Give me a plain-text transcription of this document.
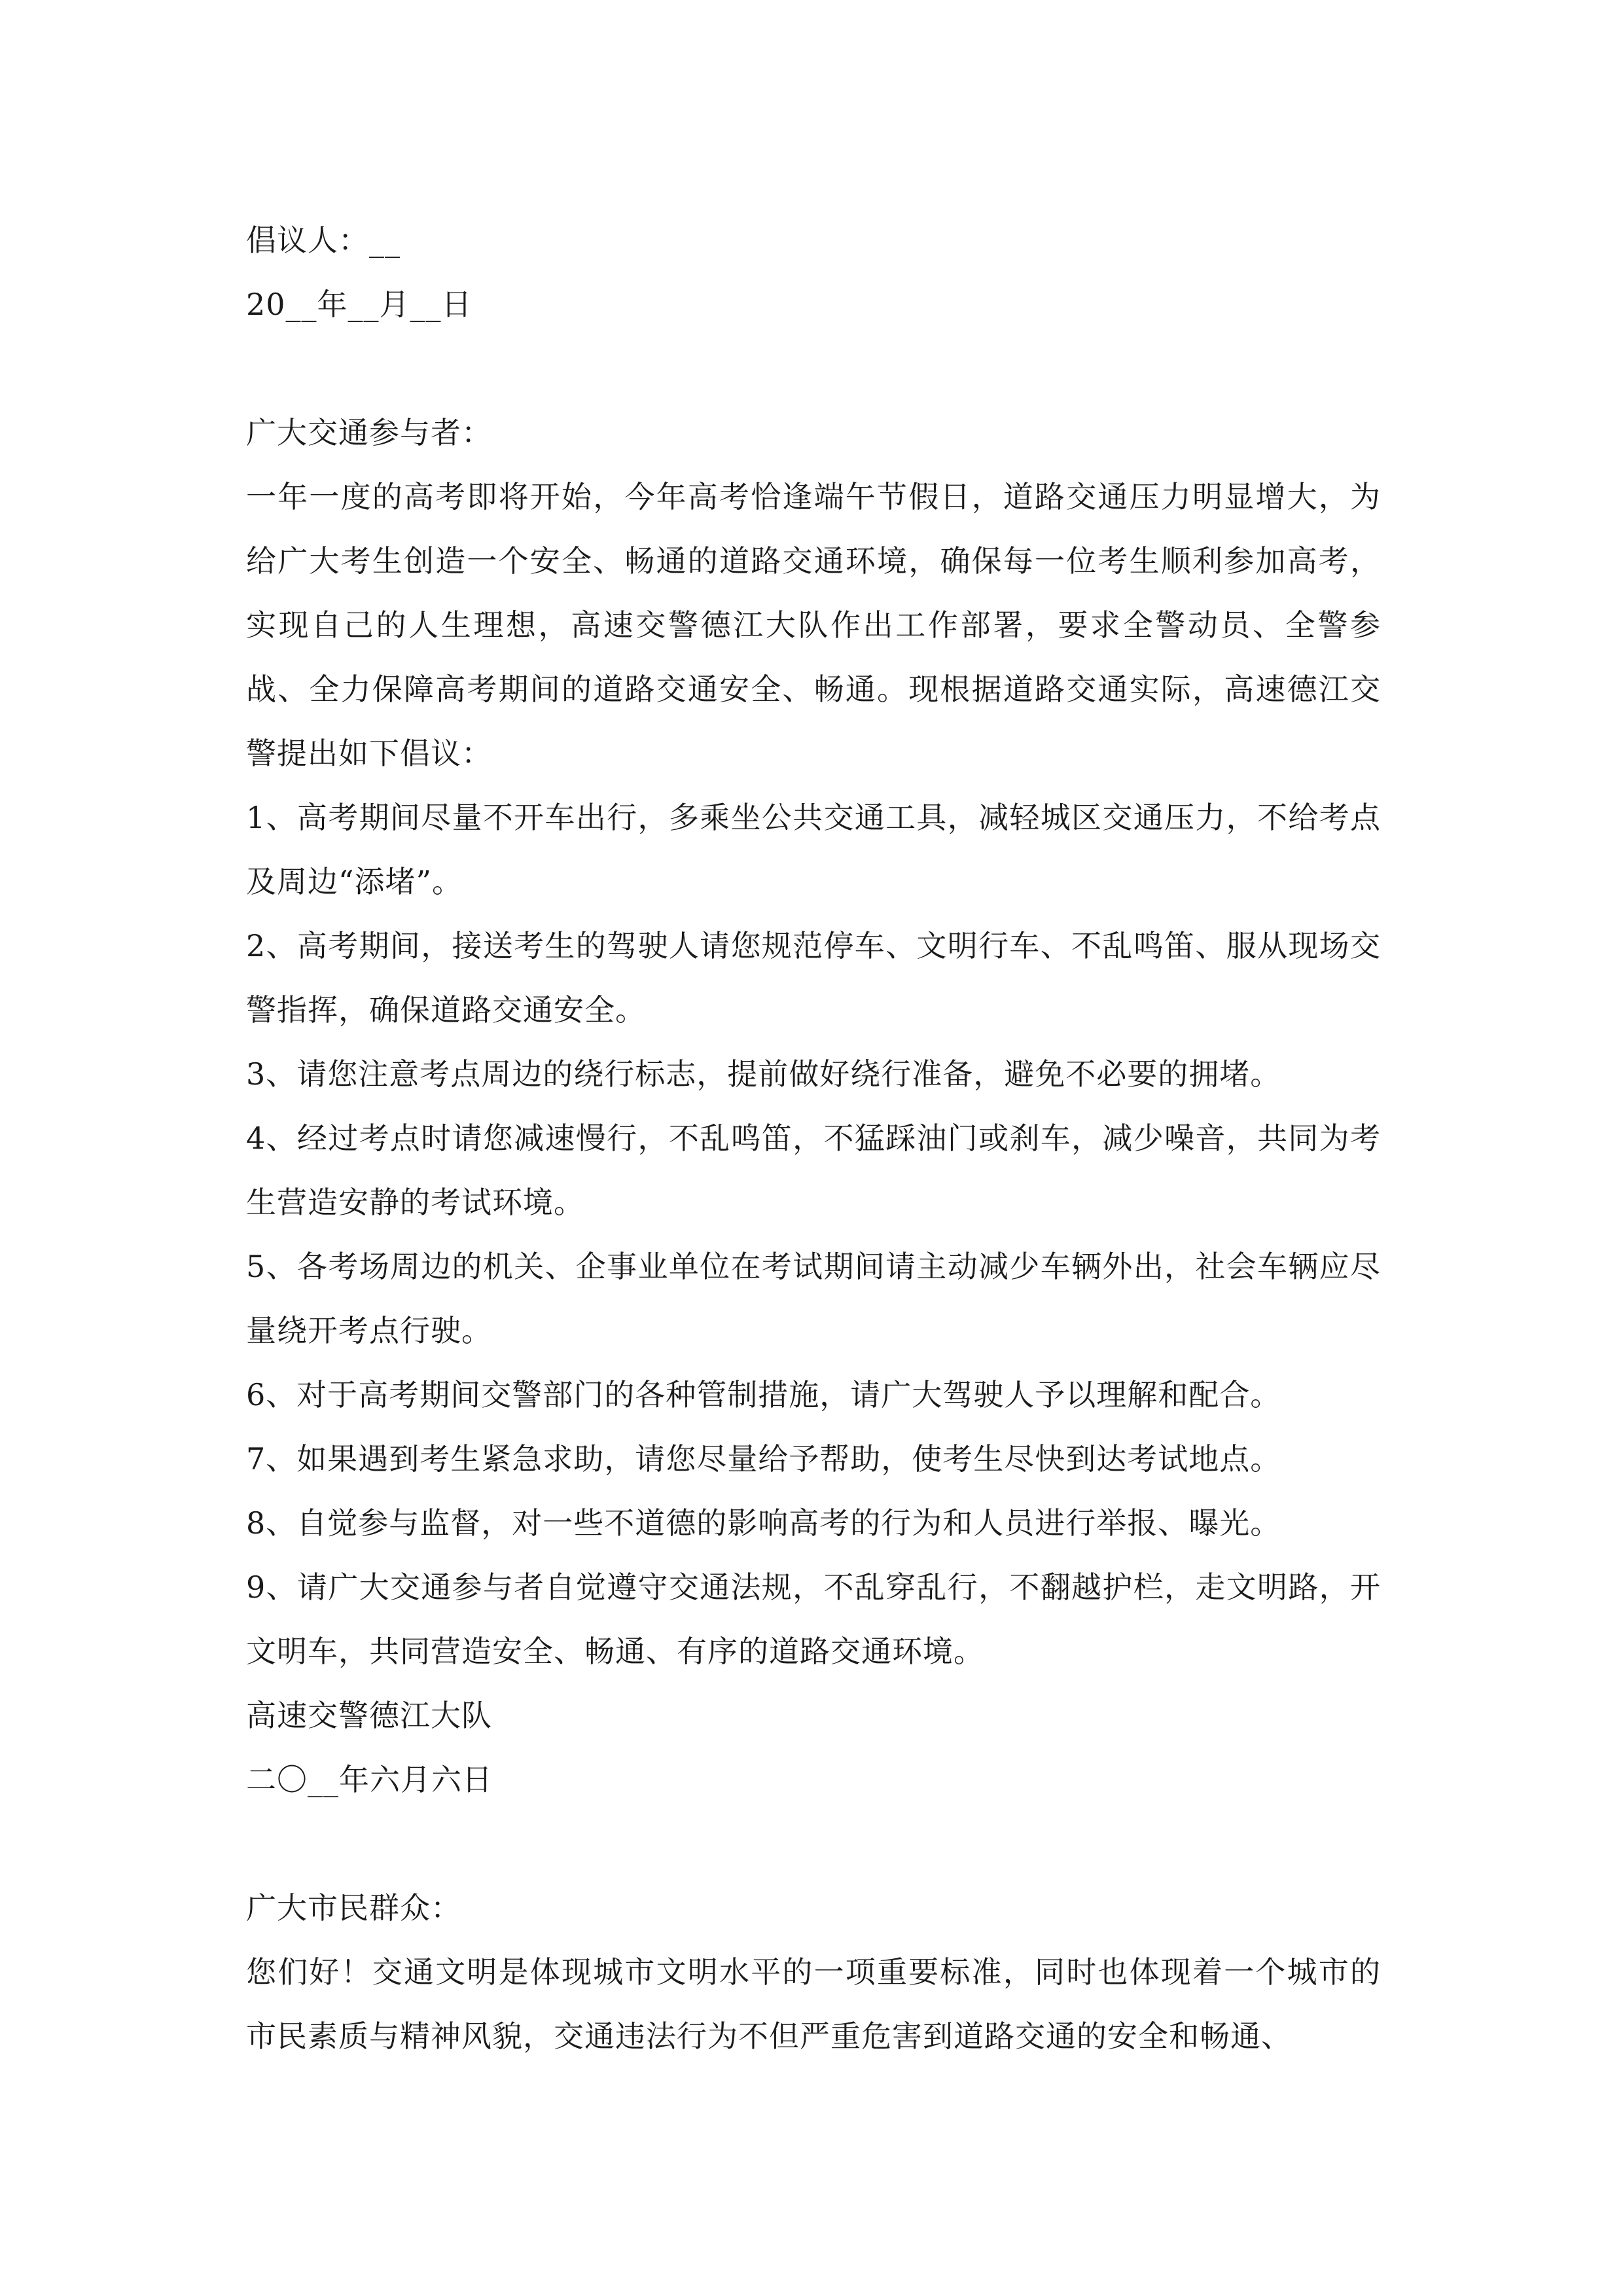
倡议人：__
20__年__月__日
广大交通参与者：
一年一度的高考即将开始，今年高考恰逢端午节假日，道路交通压力明显增大，为给广大考生创造一个安全、畅通的道路交通环境，确保每一位考生顺利参加高考，实现自己的人生理想，高速交警德江大队作出工作部署，要求全警动员、全警参战、全力保障高考期间的道路交通安全、畅通。现根据道路交通实际，高速德江交警提出如下倡议：
1、高考期间尽量不开车出行，多乘坐公共交通工具，减轻城区交通压力，不给考点及周边“添堵”。
2、高考期间，接送考生的驾驶人请您规范停车、文明行车、不乱鸣笛、服从现场交警指挥，确保道路交通安全。
3、请您注意考点周边的绕行标志，提前做好绕行准备，避免不必要的拥堵。
4、经过考点时请您减速慢行，不乱鸣笛，不猛踩油门或刹车，减少噪音，共同为考生营造安静的考试环境。
5、各考场周边的机关、企事业单位在考试期间请主动减少车辆外出，社会车辆应尽量绕开考点行驶。
6、对于高考期间交警部门的各种管制措施，请广大驾驶人予以理解和配合。
7、如果遇到考生紧急求助，请您尽量给予帮助，使考生尽快到达考试地点。
8、自觉参与监督，对一些不道德的影响高考的行为和人员进行举报、曝光。
9、请广大交通参与者自觉遵守交通法规，不乱穿乱行，不翻越护栏，走文明路，开文明车，共同营造安全、畅通、有序的道路交通环境。
高速交警德江大队
二〇__年六月六日
广大市民群众：
您们好！交通文明是体现城市文明水平的一项重要标准，同时也体现着一个城市的市民素质与精神风貌，交通违法行为不但严重危害到道路交通的安全和畅通、
